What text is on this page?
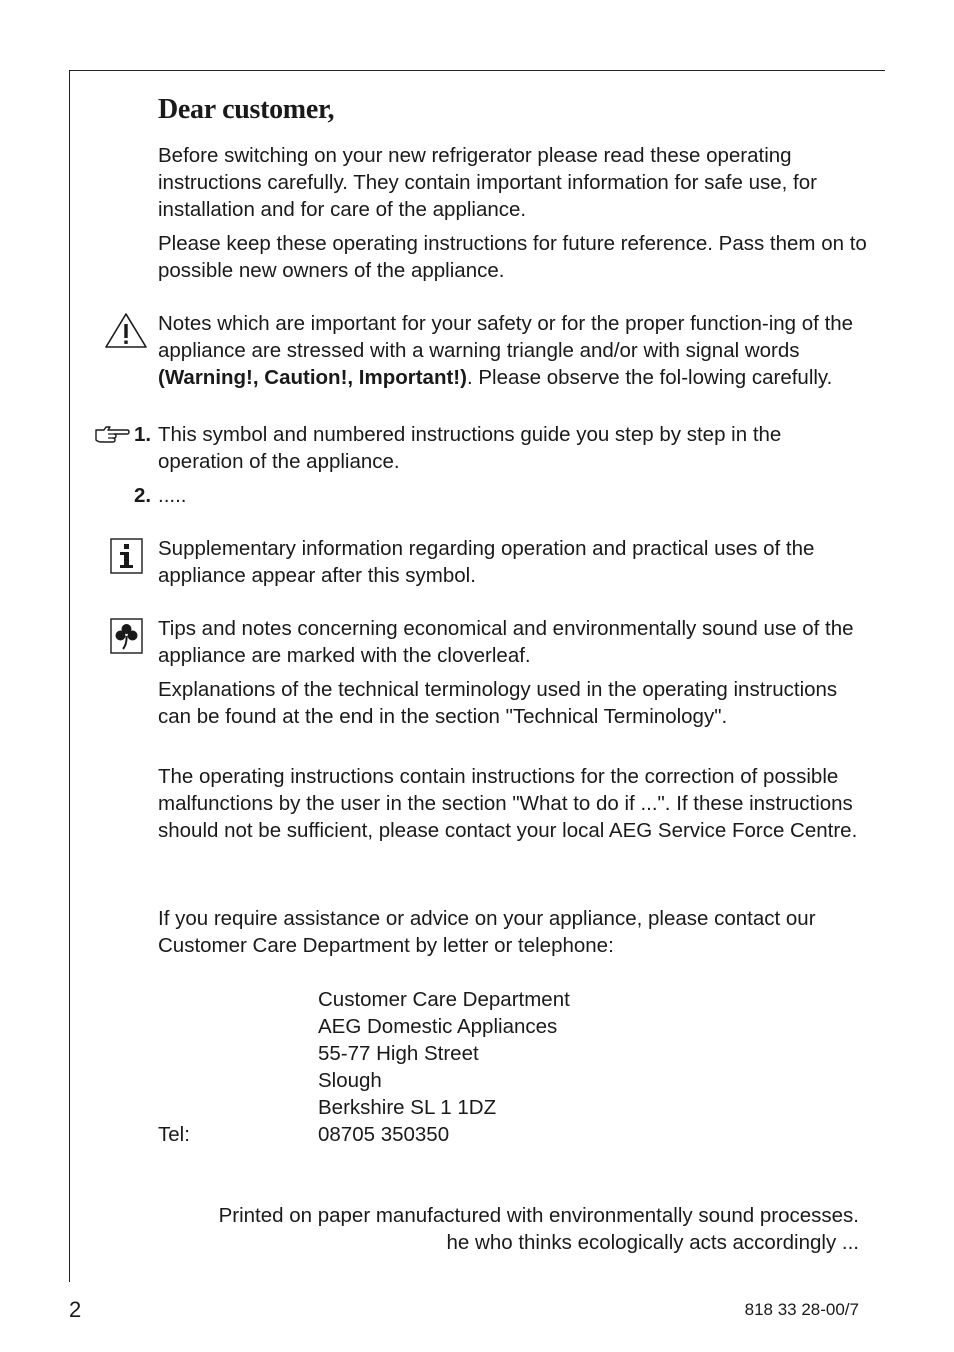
Dear customer,
Before switching on your new refrigerator please read these operating instructions carefully. They contain important information for safe use, for installation and for care of the appliance.
Please keep these operating instructions for future reference. Pass them on to possible new owners of the appliance.
Notes which are important for your safety or for the proper function-ing of the appliance are stressed with a warning triangle and/or with signal words (Warning!, Caution!, Important!). Please observe the fol-lowing carefully.
1. This symbol and numbered instructions guide you step by step in the operation of the appliance.
2. .....
Supplementary information regarding operation and practical uses of the appliance appear after this symbol.
Tips and notes concerning economical and environmentally sound use of the appliance are marked with the cloverleaf.
Explanations of the technical terminology used in the operating instructions can be found at the end in the section "Technical Terminology".
The operating instructions contain instructions for the correction of possible malfunctions by the user in the section "What to do if ...". If these instructions should not be sufficient, please contact your local AEG Service Force Centre.
If you require assistance or advice on your appliance, please contact our Customer Care Department by letter or telephone:
Customer Care Department
AEG Domestic Appliances
55-77 High Street
Slough
Berkshire SL 1 1DZ
Tel:	08705 350350
Printed on paper manufactured with environmentally sound processes.
he who thinks ecologically acts accordingly ...
2	818 33 28-00/7
